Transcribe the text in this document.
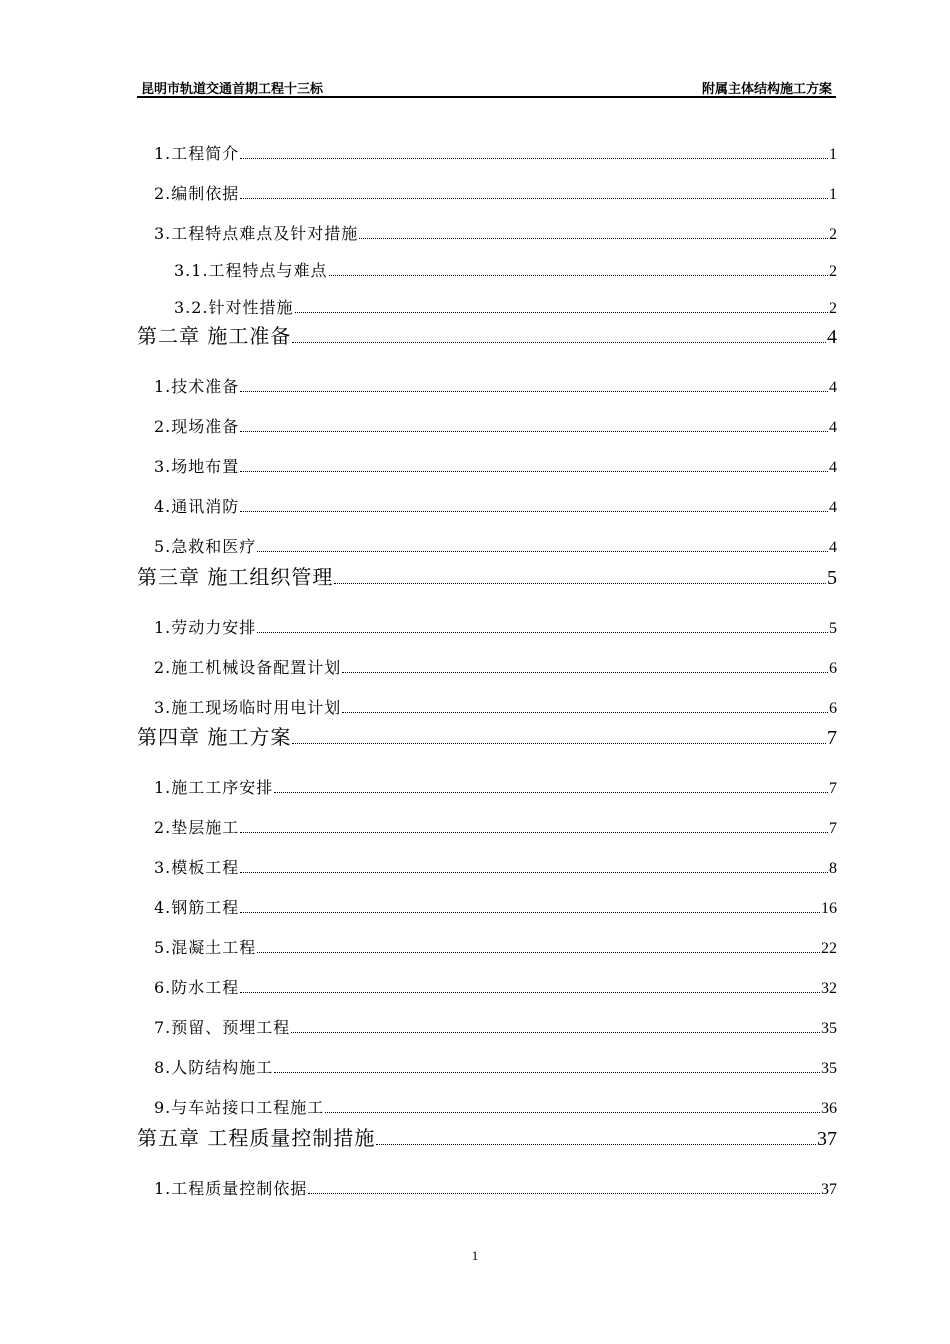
昆明市轨道交通首期工程十三标	附属主体结构施工方案
1.工程简介	1
2.编制依据	1
3.工程特点难点及针对措施	2
3.1.工程特点与难点	2
3.2.针对性措施	2
第二章 施工准备	4
1.技术准备	4
2.现场准备	4
3.场地布置	4
4.通讯消防	4
5.急救和医疗	4
第三章 施工组织管理	5
1.劳动力安排	5
2.施工机械设备配置计划	6
3.施工现场临时用电计划	6
第四章 施工方案	7
1.施工工序安排	7
2.垫层施工	7
3.模板工程	8
4.钢筋工程	16
5.混凝土工程	22
6.防水工程	32
7.预留、预埋工程	35
8.人防结构施工	35
9.与车站接口工程施工	36
第五章 工程质量控制措施	37
1.工程质量控制依据	37
1
